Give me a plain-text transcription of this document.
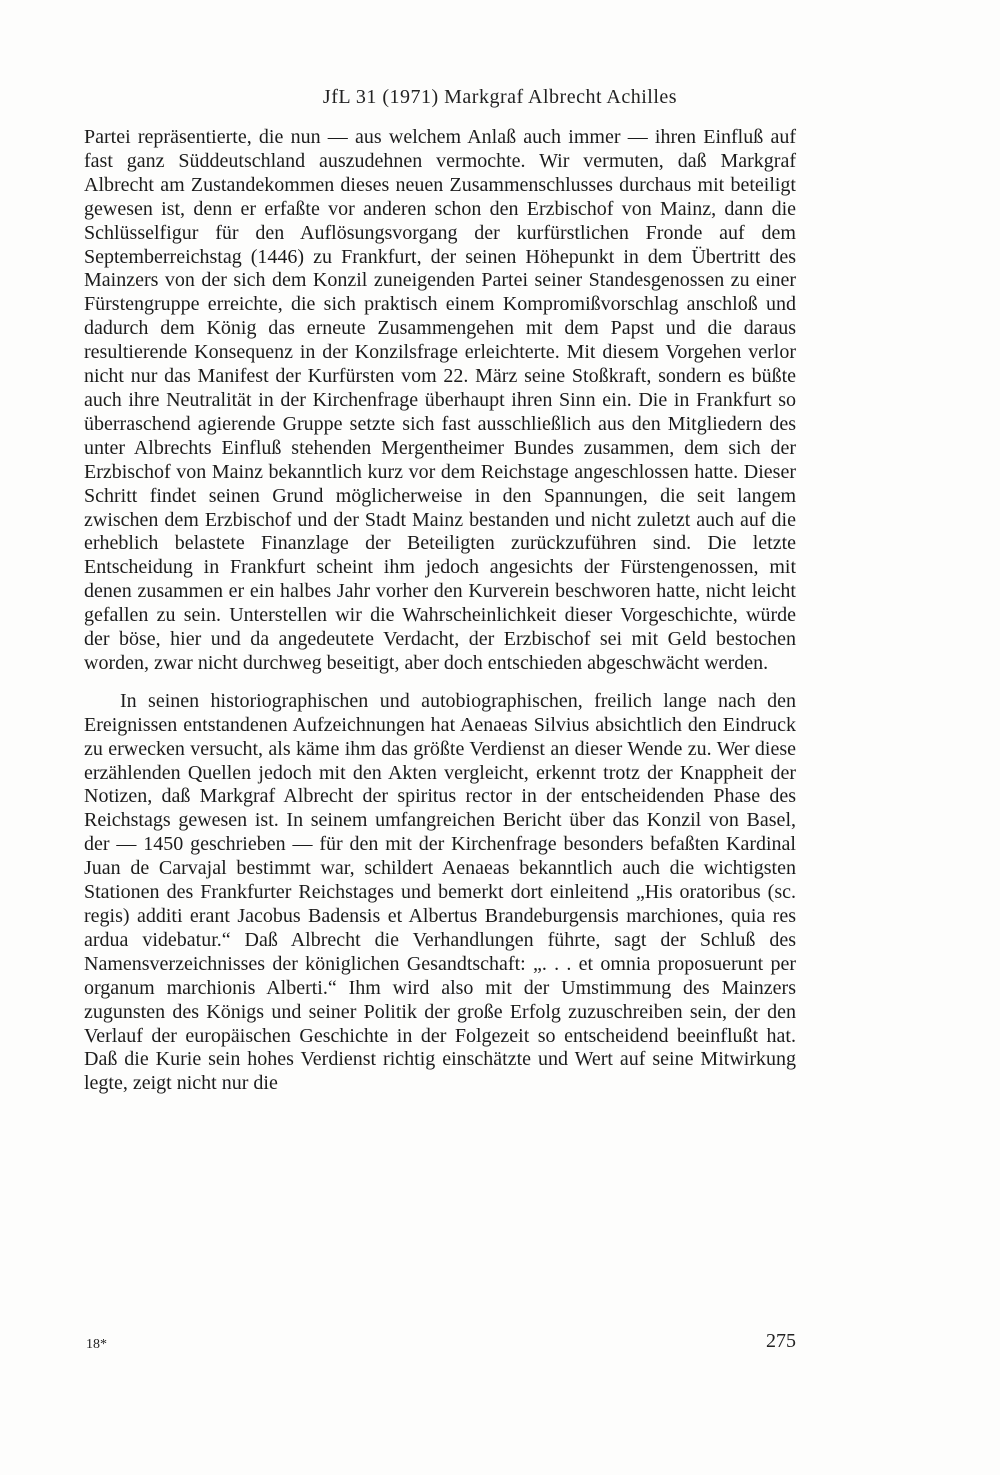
JfL 31 (1971) Markgraf Albrecht Achilles

Partei repräsentierte, die nun — aus welchem Anlaß auch immer — ihren Einfluß auf fast ganz Süddeutschland auszudehnen vermochte. Wir vermuten, daß Markgraf Albrecht am Zustandekommen dieses neuen Zusammenschlusses durchaus mit beteiligt gewesen ist, denn er erfaßte vor anderen schon den Erzbischof von Mainz, dann die Schlüsselfigur für den Auflösungsvorgang der kurfürstlichen Fronde auf dem Septemberreichstag (1446) zu Frankfurt, der seinen Höhepunkt in dem Übertritt des Mainzers von der sich dem Konzil zuneigenden Partei seiner Standesgenossen zu einer Fürstengruppe erreichte, die sich praktisch einem Kompromißvorschlag anschloß und dadurch dem König das erneute Zusammengehen mit dem Papst und die daraus resultierende Konsequenz in der Konzilsfrage erleichterte. Mit diesem Vorgehen verlor nicht nur das Manifest der Kurfürsten vom 22. März seine Stoßkraft, sondern es büßte auch ihre Neutralität in der Kirchenfrage überhaupt ihren Sinn ein. Die in Frankfurt so überraschend agierende Gruppe setzte sich fast ausschließlich aus den Mitgliedern des unter Albrechts Einfluß stehenden Mergentheimer Bundes zusammen, dem sich der Erzbischof von Mainz bekanntlich kurz vor dem Reichstage angeschlossen hatte. Dieser Schritt findet seinen Grund möglicherweise in den Spannungen, die seit langem zwischen dem Erzbischof und der Stadt Mainz bestanden und nicht zuletzt auch auf die erheblich belastete Finanzlage der Beteiligten zurückzuführen sind. Die letzte Entscheidung in Frankfurt scheint ihm jedoch angesichts der Fürstengenossen, mit denen zusammen er ein halbes Jahr vorher den Kurverein beschworen hatte, nicht leicht gefallen zu sein. Unterstellen wir die Wahrscheinlichkeit dieser Vorgeschichte, würde der böse, hier und da angedeutete Verdacht, der Erzbischof sei mit Geld bestochen worden, zwar nicht durchweg beseitigt, aber doch entschieden abgeschwächt werden.

In seinen historiographischen und autobiographischen, freilich lange nach den Ereignissen entstandenen Aufzeichnungen hat Aenaeas Silvius absichtlich den Eindruck zu erwecken versucht, als käme ihm das größte Verdienst an dieser Wende zu. Wer diese erzählenden Quellen jedoch mit den Akten vergleicht, erkennt trotz der Knappheit der Notizen, daß Markgraf Albrecht der spiritus rector in der entscheidenden Phase des Reichstags gewesen ist. In seinem umfangreichen Bericht über das Konzil von Basel, der — 1450 geschrieben — für den mit der Kirchenfrage besonders befaßten Kardinal Juan de Carvajal bestimmt war, schildert Aenaeas bekanntlich auch die wichtigsten Stationen des Frankfurter Reichstages und bemerkt dort einleitend „His oratoribus (sc. regis) additi erant Jacobus Badensis et Albertus Brandeburgensis marchiones, quia res ardua videbatur.“ Daß Albrecht die Verhandlungen führte, sagt der Schluß des Namensverzeichnisses der königlichen Gesandtschaft: „. . . et omnia proposuerunt per organum marchionis Alberti.“ Ihm wird also mit der Umstimmung des Mainzers zugunsten des Königs und seiner Politik der große Erfolg zuzuschreiben sein, der den Verlauf der europäischen Geschichte in der Folgezeit so entscheidend beeinflußt hat. Daß die Kurie sein hohes Verdienst richtig einschätzte und Wert auf seine Mitwirkung legte, zeigt nicht nur die

18*	275
